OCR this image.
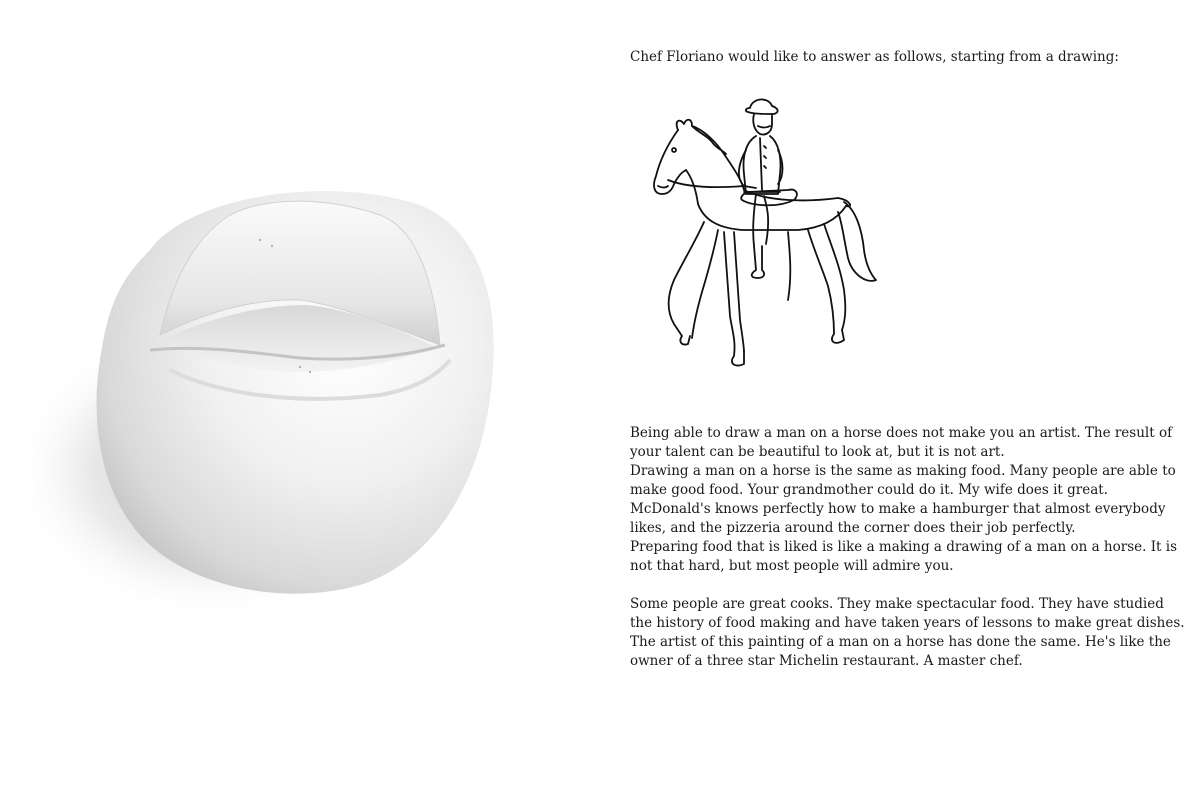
Chef Floriano would like to answer as follows, starting from a drawing:

Being able to draw a man on a horse does not make you an artist. The result of your talent can be beautiful to look at, but it is not art.

Drawing a man on a horse is the same as making food. Many people are able to make good food. Your grandmother could do it. My wife does it great.

McDonald's knows perfectly how to make a hamburger that almost everybody likes, and the pizzeria around the corner does their job perfectly.

Preparing food that is liked is like a making a drawing of a man on a horse. It is not that hard, but most people will admire you.

Some people are great cooks. They make spectacular food. They have studied the history of food making and have taken years of lessons to make great dishes.

The artist of this painting of a man on a horse has done the same. He's like the owner of a three star Michelin restaurant. A master chef.
